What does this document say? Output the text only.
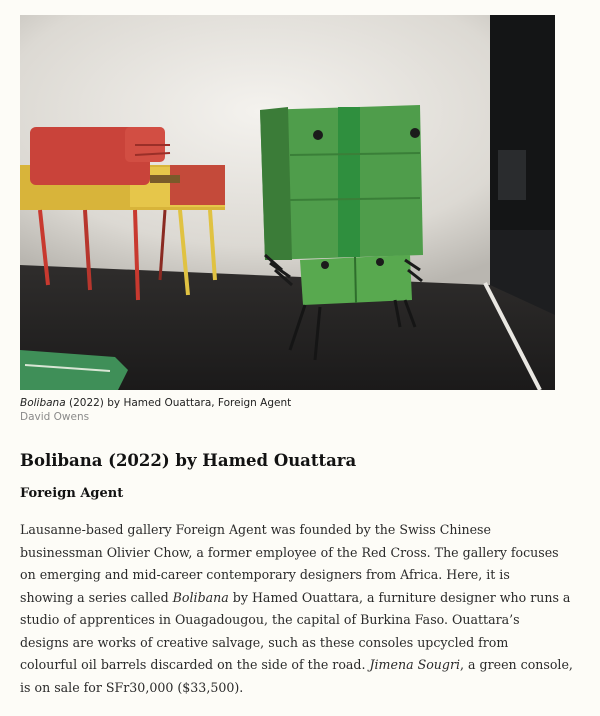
Bolibana (2022) by Hamed Ouattara, Foreign Agent
David Owens
Bolibana (2022) by Hamed Ouattara
Foreign Agent

Lausanne-based gallery Foreign Agent was founded by the Swiss Chinese
businessman Olivier Chow, a former employee of the Red Cross. The gallery focuses
on emerging and mid-career contemporary designers from Africa. Here, it is
showing a series called Bolibana by Hamed Ouattara, a furniture designer who runs a
studio of apprentices in Ouagadougou, the capital of Burkina Faso. Ouattara’s
designs are works of creative salvage, such as these consoles upcycled from
colourful oil barrels discarded on the side of the road. Jimena Sougri, a green console,
is on sale for SFr30,000 ($33,500).
